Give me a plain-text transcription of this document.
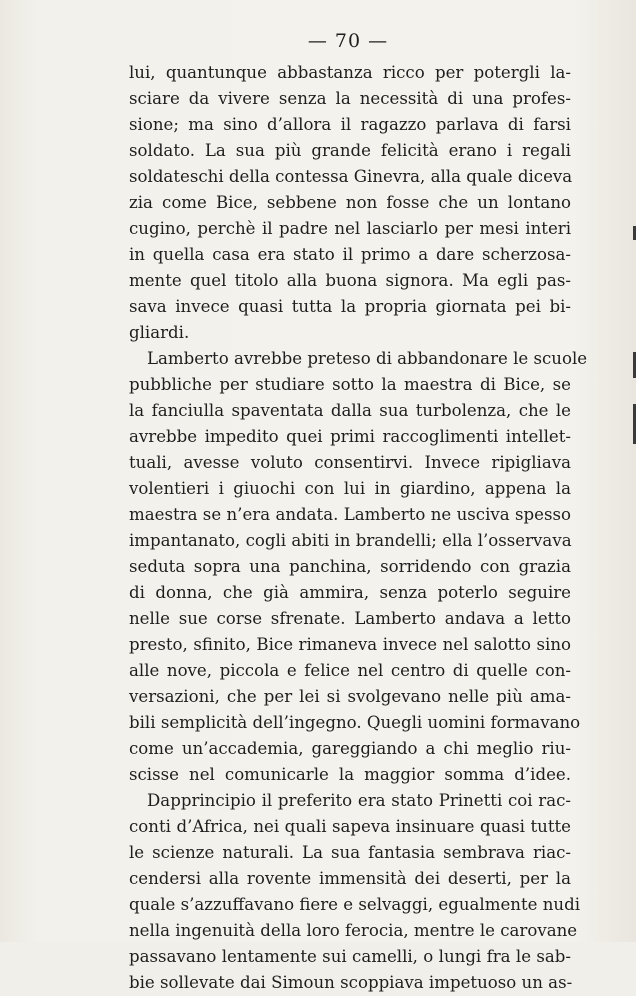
— 70 —
lui, quantunque abbastanza ricco per potergli la-
sciare da vivere senza la necessità di una profes-
sione; ma sino d’allora il ragazzo parlava di farsi
soldato. La sua più grande felicità erano i regali
soldateschi della contessa Ginevra, alla quale diceva
zia come Bice, sebbene non fosse che un lontano
cugino, perchè il padre nel lasciarlo per mesi interi
in quella casa era stato il primo a dare scherzosa-
mente quel titolo alla buona signora. Ma egli pas-
sava invece quasi tutta la propria giornata pei bi-
gliardi.
Lamberto avrebbe preteso di abbandonare le scuole
pubbliche per studiare sotto la maestra di Bice, se
la fanciulla spaventata dalla sua turbolenza, che le
avrebbe impedito quei primi raccoglimenti intellet-
tuali, avesse voluto consentirvi. Invece ripigliava
volentieri i giuochi con lui in giardino, appena la
maestra se n’era andata. Lamberto ne usciva spesso
impantanato, cogli abiti in brandelli; ella l’osservava
seduta sopra una panchina, sorridendo con grazia
di donna, che già ammira, senza poterlo seguire
nelle sue corse sfrenate. Lamberto andava a letto
presto, sfinito, Bice rimaneva invece nel salotto sino
alle nove, piccola e felice nel centro di quelle con-
versazioni, che per lei si svolgevano nelle più ama-
bili semplicità dell’ingegno. Quegli uomini formavano
come un’accademia, gareggiando a chi meglio riu-
scisse nel comunicarle la maggior somma d’idee.
Dapprincipio il preferito era stato Prinetti coi rac-
conti d’Africa, nei quali sapeva insinuare quasi tutte
le scienze naturali. La sua fantasia sembrava riac-
cendersi alla rovente immensità dei deserti, per la
quale s’azzuffavano fiere e selvaggi, egualmente nudi
nella ingenuità della loro ferocia, mentre le carovane
passavano lentamente sui camelli, o lungi fra le sab-
bie sollevate dai Simoun scoppiava impetuoso un as-
